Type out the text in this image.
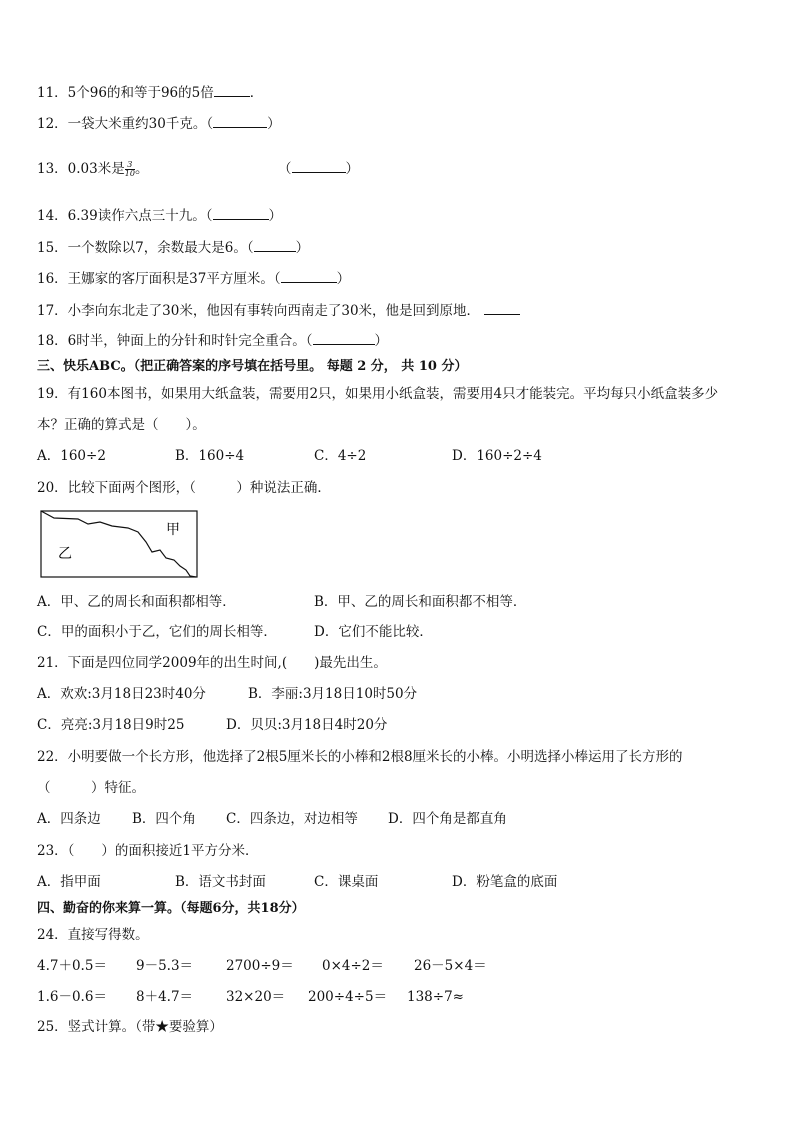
11．5个96的和等于96的5倍	．
12．一袋大米重约30千克。（	）
13．0.03米是 $\frac{3}{10}$ 。	（	）
14．6.39读作六点三十九。（	）
15．一个数除以7，余数最大是6。（	）
16．王娜家的客厅面积是37平方厘米。（	）
17．小李向东北走了30米，他因有事转向西南走了30米，他是回到原地．
18．6时半，钟面上的分针和时针完全重合。（	）
三、快乐ABC。（把正确答案的序号填在括号里。 每题 2 分， 共 10 分）
19．有160本图书，如果用大纸盒装，需要用2只，如果用小纸盒装，需要用4只才能装完。平均每只小纸盒装多少
本？正确的算式是（　　）。
A．160÷2	B．160÷4	C．4÷2	D．160÷2÷4
20．比较下面两个图形，（　　　）种说法正确．
甲
乙
A．甲、乙的周长和面积都相等．	B．甲、乙的周长和面积都不相等．
C．甲的面积小于乙，它们的周长相等．	D．它们不能比较．
21．下面是四位同学2009年的出生时间,(　　)最先出生。
A．欢欢:3月18日23时40分	B．李丽:3月18日10时50分
C．亮亮:3月18日9时25	D．贝贝:3月18日4时20分
22．小明要做一个长方形，他选择了2根5厘米长的小棒和2根8厘米长的小棒。小明选择小棒运用了长方形的
（　　　）特征。
A．四条边 B．四个角 C．四条边，对边相等 D．四个角是都直角
23．（　　）的面积接近1平方分米．
A．指甲面	B．语文书封面	C．课桌面	D．粉笔盒的底面
四、勤奋的你来算一算。（每题6分，共18分）
24．直接写得数。
4.7＋0.5＝ 9－5.3＝ 2700÷9＝ 0×4÷2＝ 26－5×4＝
1.6－0.6＝ 8＋4.7＝ 32×20＝ 200÷4÷5＝ 138÷7≈
25．竖式计算。（带★要验算）
